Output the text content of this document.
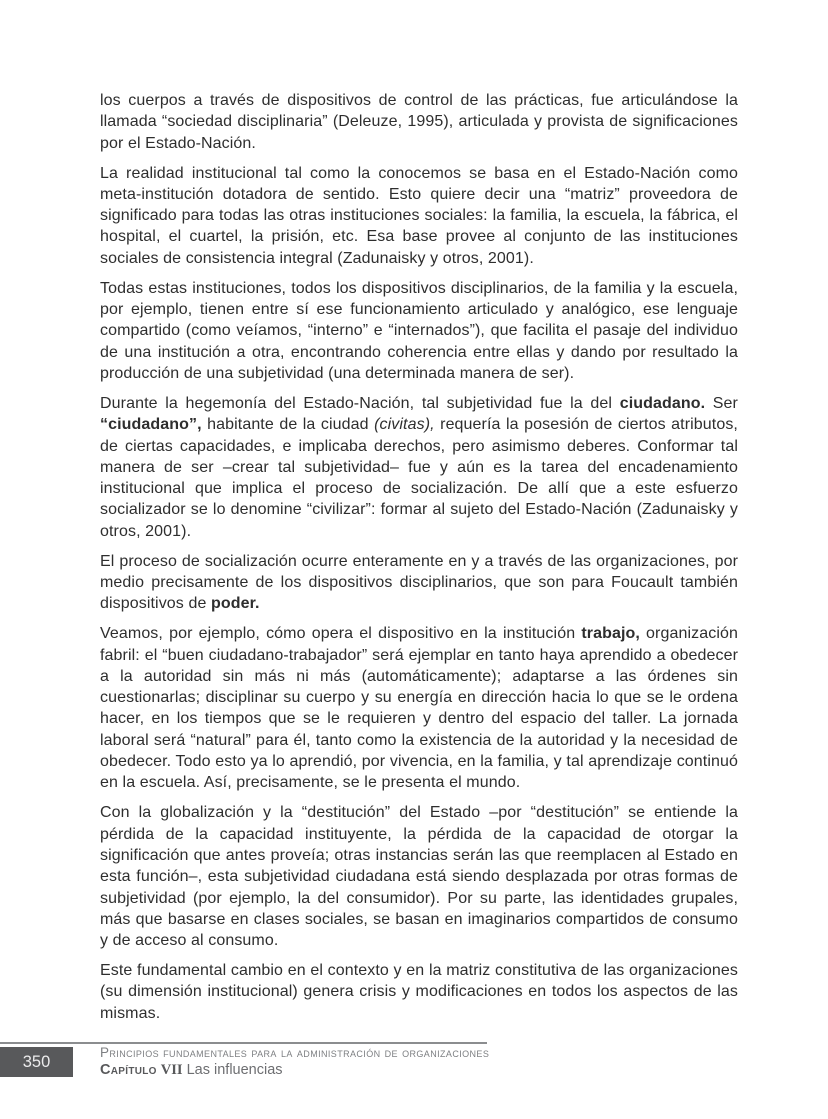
los cuerpos a través de dispositivos de control de las prácticas, fue articulándose la llamada “sociedad disciplinaria” (Deleuze, 1995), articulada y provista de significaciones por el Estado-Nación.

La realidad institucional tal como la conocemos se basa en el Estado-Nación como meta-institución dotadora de sentido. Esto quiere decir una “matriz” proveedora de significado para todas las otras instituciones sociales: la familia, la escuela, la fábrica, el hospital, el cuartel, la prisión, etc. Esa base provee al conjunto de las instituciones sociales de consistencia integral (Zadunaisky y otros, 2001).

Todas estas instituciones, todos los dispositivos disciplinarios, de la familia y la escuela, por ejemplo, tienen entre sí ese funcionamiento articulado y analógico, ese lenguaje compartido (como veíamos, “interno” e “internados”), que facilita el pasaje del individuo de una institución a otra, encontrando coherencia entre ellas y dando por resultado la producción de una subjetividad (una determinada manera de ser).

Durante la hegemonía del Estado-Nación, tal subjetividad fue la del ciudadano. Ser “ciudadano”, habitante de la ciudad (civitas), requería la posesión de ciertos atributos, de ciertas capacidades, e implicaba derechos, pero asimismo deberes. Conformar tal manera de ser –crear tal subjetividad– fue y aún es la tarea del encadenamiento institucional que implica el proceso de socialización. De allí que a este esfuerzo socializador se lo denomine “civilizar”: formar al sujeto del Estado-Nación (Zadunaisky y otros, 2001).

El proceso de socialización ocurre enteramente en y a través de las organizaciones, por medio precisamente de los dispositivos disciplinarios, que son para Foucault también dispositivos de poder.

Veamos, por ejemplo, cómo opera el dispositivo en la institución trabajo, organización fabril: el “buen ciudadano-trabajador” será ejemplar en tanto haya aprendido a obedecer a la autoridad sin más ni más (automáticamente); adaptarse a las órdenes sin cuestionarlas; disciplinar su cuerpo y su energía en dirección hacia lo que se le ordena hacer, en los tiempos que se le requieren y dentro del espacio del taller. La jornada laboral será “natural” para él, tanto como la existencia de la autoridad y la necesidad de obedecer. Todo esto ya lo aprendió, por vivencia, en la familia, y tal aprendizaje continuó en la escuela. Así, precisamente, se le presenta el mundo.

Con la globalización y la “destitución” del Estado –por “destitución” se entiende la pérdida de la capacidad instituyente, la pérdida de la capacidad de otorgar la significación que antes proveía; otras instancias serán las que reemplacen al Estado en esta función–, esta subjetividad ciudadana está siendo desplazada por otras formas de subjetividad (por ejemplo, la del consumidor). Por su parte, las identidades grupales, más que basarse en clases sociales, se basan en imaginarios compartidos de consumo y de acceso al consumo.

Este fundamental cambio en el contexto y en la matriz constitutiva de las organizaciones (su dimensión institucional) genera crisis y modificaciones en todos los aspectos de las mismas.

350	Principios fundamentales para la administración de organizaciones
Capítulo VII Las influencias
